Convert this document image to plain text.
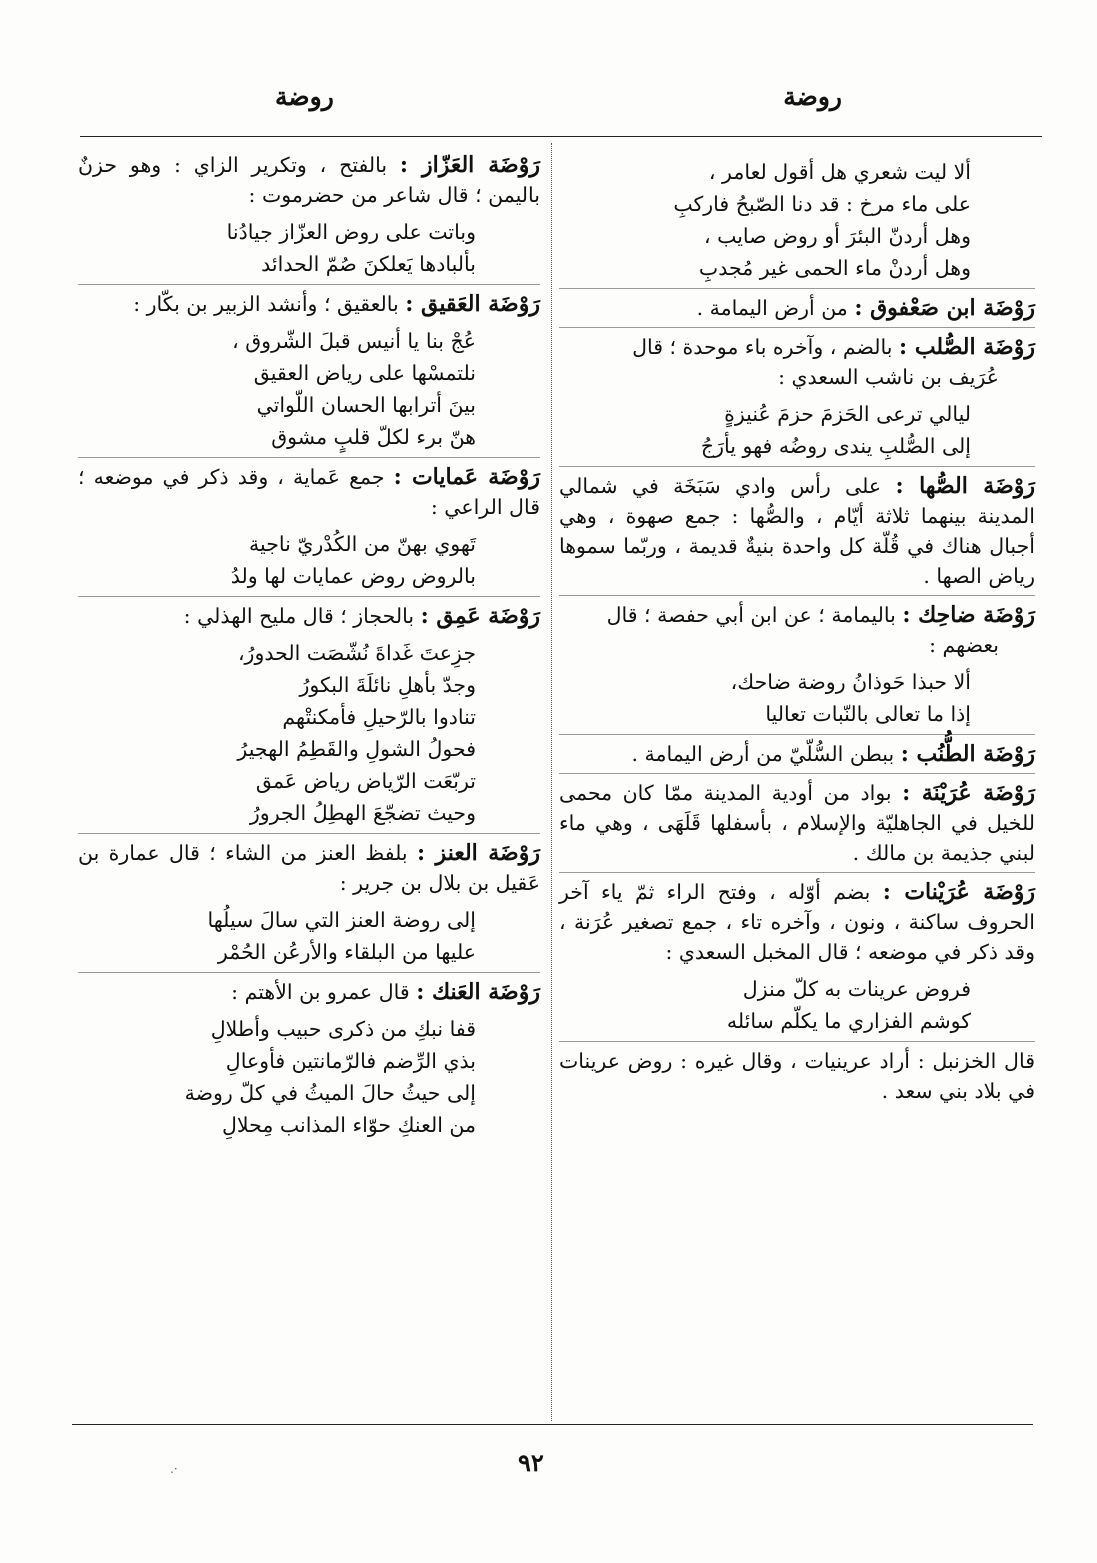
روضة
روضة
ألا ليت شعري هل أقول لعامر ،
على ماء مرخ : قد دنا الصّبحُ فاركبِ
وهل أردنّ البئرَ أو روض صايب ،
وهل أردنْ ماء الحمى غير مُجدبِ

رَوْضَة ابن صَعْفوق : من أرض اليمامة .

رَوْضَة الصُّلب : بالضم ، وآخره باء موحدة ؛ قال

عُرَيف بن ناشب السعدي :
ليالي ترعى الحَزمَ حزمَ عُنيزةٍ
إلى الصُّلبِ يندى روضُه فهو يأرَجُ

رَوْضَة الصُّها : على رأس وادي سَبَخَة في شمالي المدينة بينهما ثلاثة أيّام ، والصُّها : جمع صهوة ، وهي أجبال هناك في قُلّة كل واحدة بنيةٌ قديمة ، وربّما سموها رياض الصها .

رَوْضَة ضاحِك : باليمامة ؛ عن ابن أبي حفصة ؛ قال

بعضهم :
ألا حبذا حَوذانُ روضة ضاحك،
إذا ما تعالى بالنّبات تعاليا

رَوْضَة الطُّنُب : ببطن السُّلّيّ من أرض اليمامة .

رَوْضَة عُرَيْنَة : بواد من أودية المدينة ممّا كان محمى للخيل في الجاهليّة والإسلام ، بأسفلها قَلَهَى ، وهي ماء لبني جذيمة بن مالك .

رَوْضَة عُرَيْنات : بضم أوّله ، وفتح الراء ثمّ ياء آخر الحروف ساكنة ، ونون ، وآخره تاء ، جمع تصغير عُرَنة ، وقد ذكر في موضعه ؛ قال المخبل السعدي :

فروض عرينات به كلّ منزل
كوشم الفزاري ما يكلّم سائله

قال الخزنبل : أراد عرينيات ، وقال غيره : روض عرينات في بلاد بني سعد .

رَوْضَة العَزّاز : بالفتح ، وتكرير الزاي : وهو حزنٌ باليمن ؛ قال شاعر من حضرموت :

وباتت على روض العزّاز جيادُنا
بألبادها يَعلكنَ صُمّ الحدائد

رَوْضَة العَقيق : بالعقيق ؛ وأنشد الزبير بن بكّار :

عُجْ بنا يا أنيس قبلَ الشّروق ،
نلتمسْها على رياض العقيق
بينَ أترابها الحسان اللّواتي
هنّ برء لكلّ قلبٍ مشوق

رَوْضَة عَمايات : جمع عَماية ، وقد ذكر في موضعه ؛ قال الراعي :

تَهوي بهنّ من الكُدْريّ ناجية
بالروض روض عمايات لها ولدُ

رَوْضَة عَمِق : بالحجاز ؛ قال مليح الهذلي :

جزِعتَ غَداةَ نُشّصَت الحدورُ،
وجدّ بأهلِ نائلَةَ البكورُ
تنادوا بالرّحيلِ فأمكنتْهم
فحولُ الشولِ والقَطِمُ الهجيرُ
تربّعَت الرّياض رياض عَمق
وحيث تضجّعَ الهطِلُ الجرورُ

رَوْضَة العنز : بلفظ العنز من الشاء ؛ قال عمارة بن عَقيل بن بلال بن جرير :

إلى روضة العنز التي سالَ سيلُها
عليها من البلقاء والأرعُن الحُمْر

رَوْضَة العَنك : قال عمرو بن الأهتم :

قفا نبكِ من ذكرى حبيب وأطلالِ
بذي الرِّضم فالرّمانتين فأوعالِ
إلى حيثُ حالَ الميثُ في كلّ روضة
من العنكِ حوّاء المذانب مِحلالِ
٩٢
·.
